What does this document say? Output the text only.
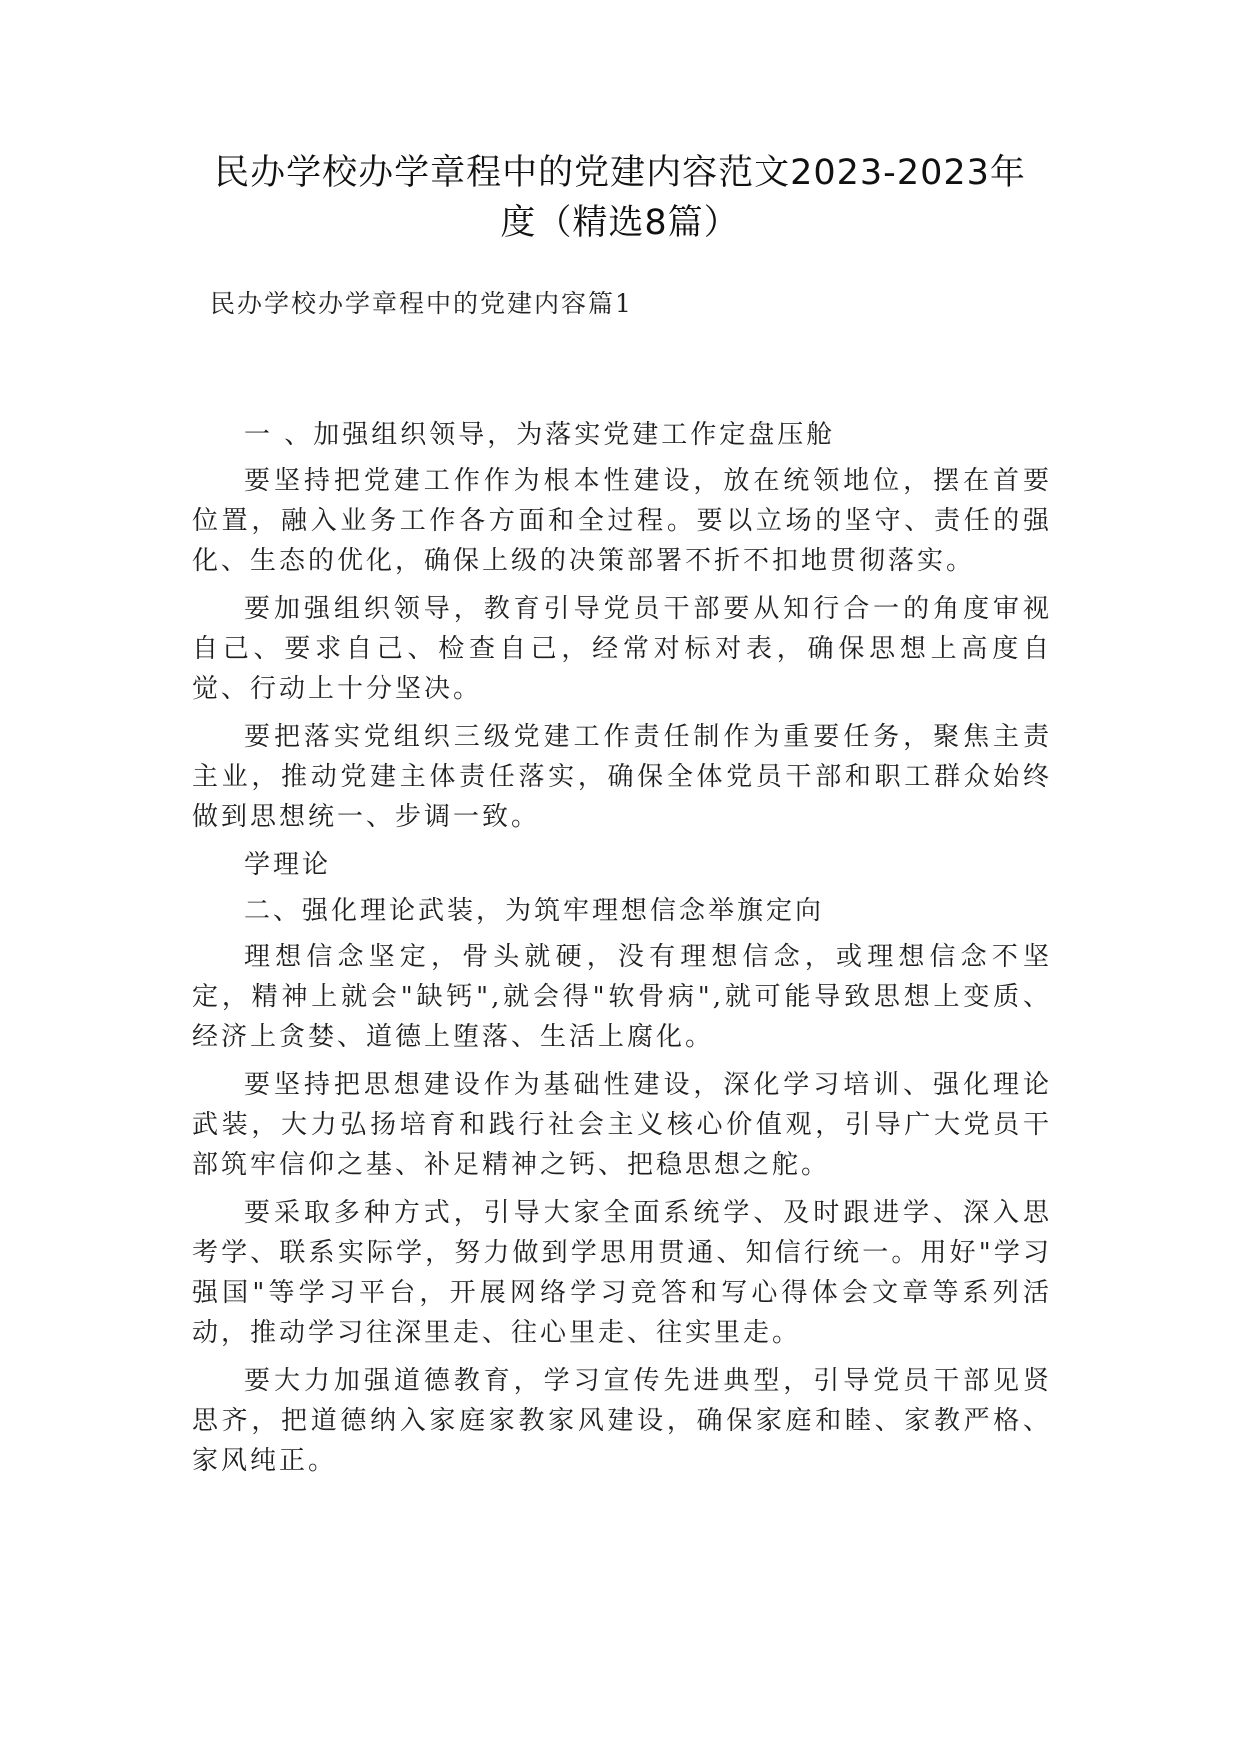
民办学校办学章程中的党建内容范文2023-2023年
度（精选8篇）
民办学校办学章程中的党建内容篇1

一 、加强组织领导，为落实党建工作定盘压舱

要坚持把党建工作作为根本性建设，放在统领地位，摆在首要位置，融入业务工作各方面和全过程。要以立场的坚守、责任的强化、生态的优化，确保上级的决策部署不折不扣地贯彻落实。

要加强组织领导，教育引导党员干部要从知行合一的角度审视自己、要求自己、检查自己，经常对标对表，确保思想上高度自觉、行动上十分坚决。

要把落实党组织三级党建工作责任制作为重要任务，聚焦主责主业，推动党建主体责任落实，确保全体党员干部和职工群众始终做到思想统一、步调一致。

学理论

二、强化理论武装，为筑牢理想信念举旗定向

理想信念坚定，骨头就硬，没有理想信念，或理想信念不坚定，精神上就会"缺钙",就会得"软骨病",就可能导致思想上变质、经济上贪婪、道德上堕落、生活上腐化。

要坚持把思想建设作为基础性建设，深化学习培训、强化理论武装，大力弘扬培育和践行社会主义核心价值观，引导广大党员干部筑牢信仰之基、补足精神之钙、把稳思想之舵。

要采取多种方式，引导大家全面系统学、及时跟进学、深入思考学、联系实际学，努力做到学思用贯通、知信行统一。用好"学习强国"等学习平台，开展网络学习竞答和写心得体会文章等系列活动，推动学习往深里走、往心里走、往实里走。

要大力加强道德教育，学习宣传先进典型，引导党员干部见贤思齐，把道德纳入家庭家教家风建设，确保家庭和睦、家教严格、家风纯正。
